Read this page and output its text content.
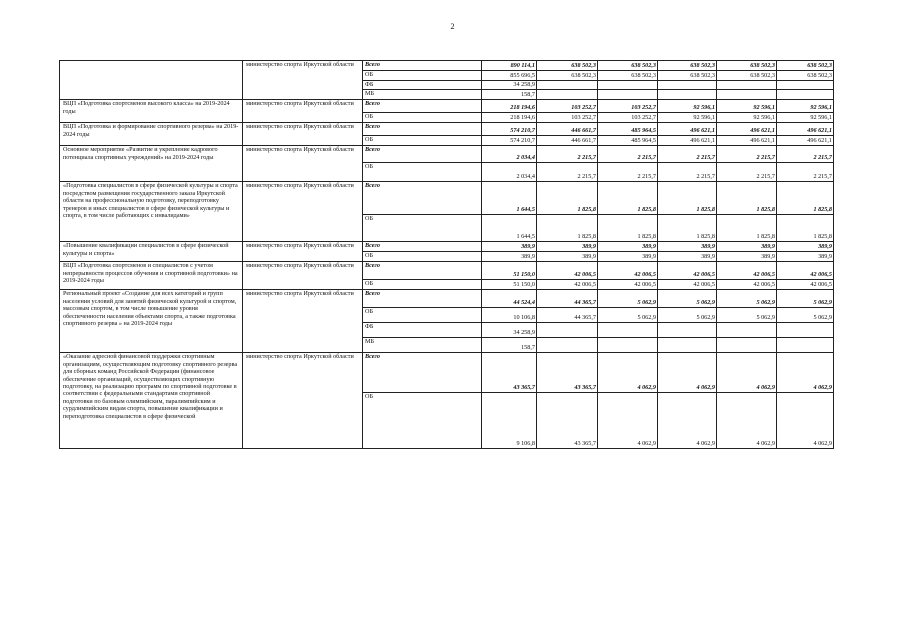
2
	министерство спорта Иркутской области	Всего	890 114,1	638 502,3	638 502,3	638 502,3	638 502,3	638 502,3
		ОБ	855 696,5	638 502,3	638 502,3	638 502,3	638 502,3	638 502,3
		ФБ	34 258,9					
		МБ	158,7					
ВЦП «Подготовка спортсменов высокого класса» на 2019-2024 годы	министерство спорта Иркутской области	Всего	218 194,6	103 252,7	103 252,7	92 596,1	92 596,1	92 596,1
		ОБ	218 194,6	103 252,7	103 252,7	92 596,1	92 596,1	92 596,1
ВЦП «Подготовка и формирование спортивного резерва» на 2019-2024 годы	министерство спорта Иркутской области	Всего	574 210,7	446 661,7	485 964,5	496 621,1	496 621,1	496 621,1
		ОБ	574 210,7	446 661,7	485 964,5	496 621,1	496 621,1	496 621,1
Основное мероприятие «Развитие и укрепление кадрового потенциала спортивных учреждений» на 2019-2024 годы	министерство спорта Иркутской области	Всего	2 034,4	2 215,7	2 215,7	2 215,7	2 215,7	2 215,7
		ОБ	2 034,4	2 215,7	2 215,7	2 215,7	2 215,7	2 215,7
«Подготовка специалистов в сфере физической культуры и спорта посредством размещения государственного заказа Иркутской области на профессиональную подготовку, переподготовку тренеров и иных специалистов в сфере физической культуры и спорта, в том числе работающих с инвалидами»	министерство спорта Иркутской области	Всего	1 644,5	1 825,8	1 825,8	1 825,8	1 825,8	1 825,8
		ОБ	1 644,5	1 825,8	1 825,8	1 825,8	1 825,8	1 825,8
«Повышение квалификации специалистов в сфере физической культуры и спорта»	министерство спорта Иркутской области	Всего	389,9	389,9	389,9	389,9	389,9	389,9
		ОБ	389,9	389,9	389,9	389,9	389,9	389,9
ВЦП «Подготовка спортсменов и специалистов с учетом непрерывности процессов обучения и спортивной подготовки» на 2019-2024 годы	министерство спорта Иркутской области	Всего	51 150,0	42 006,5	42 006,5	42 006,5	42 006,5	42 006,5
		ОБ	51 150,0	42 006,5	42 006,5	42 006,5	42 006,5	42 006,5
Региональный проект «Создание для всех категорий и групп населения условий для занятий физической культурой и спортом, массовым спортом, в том числе повышение уровня обеспеченности населения объектами спорта, а также подготовка спортивного резерва » на 2019-2024 годы	министерство спорта Иркутской области	Всего	44 524,4	44 365,7	5 062,9	5 062,9	5 062,9	5 062,9
		ОБ	10 106,8	44 365,7	5 062,9	5 062,9	5 062,9	5 062,9
		ФБ	34 258,9					
		МБ	158,7					
«Оказание адресной финансовой поддержки спортивным организациям, осуществляющим подготовку спортивного резерва для сборных команд Российской Федерации (финансовое обеспечение организаций, осуществляющих спортивную подготовку, на реализацию программ по спортивной подготовке в соответствии с федеральными стандартами спортивной подготовки по базовым олимпийским, паралимпийским и сурдлимпийским видам спорта, повышение квалификации и переподготовка специалистов в сфере физической	министерство спорта Иркутской области	Всего	43 365,7	43 365,7	4 062,9	4 062,9	4 062,9	4 062,9
		ОБ	9 106,8	43 365,7	4 062,9	4 062,9	4 062,9	4 062,9
